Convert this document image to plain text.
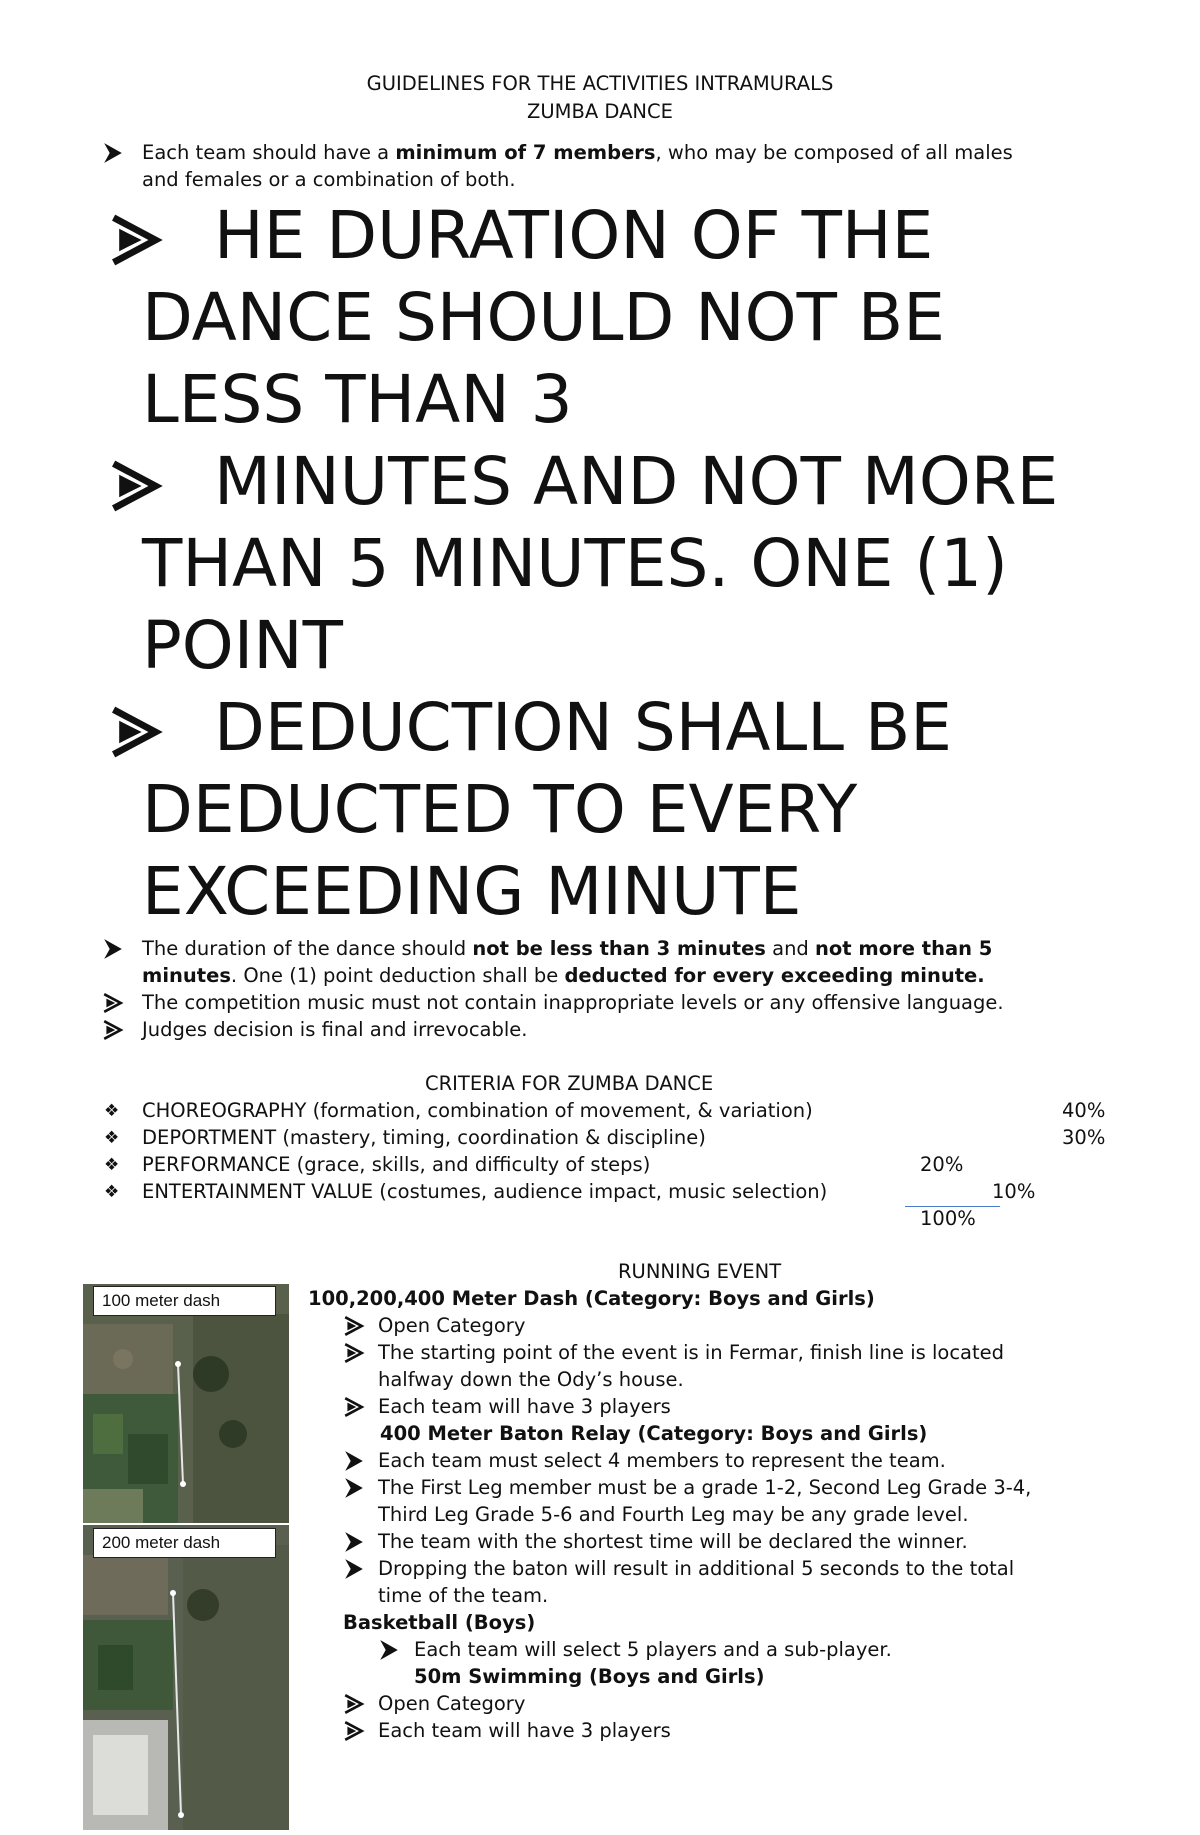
GUIDELINES FOR THE ACTIVITIES INTRAMURALS
ZUMBA DANCE
Each team should have a minimum of 7 members, who may be composed of all males
and females or a combination of both.
HE DURATION OF THE
DANCE SHOULD NOT BE
LESS THAN 3
MINUTES AND NOT MORE
THAN 5 MINUTES. ONE (1)
POINT
DEDUCTION SHALL BE
DEDUCTED TO EVERY
EXCEEDING MINUTE
The duration of the dance should not be less than 3 minutes and not more than 5
minutes. One (1) point deduction shall be deducted for every exceeding minute.
The competition music must not contain inappropriate levels or any offensive language.
Judges decision is final and irrevocable.
CRITERIA FOR ZUMBA DANCE
❖ CHOREOGRAPHY (formation, combination of movement, & variation)	40%
❖ DEPORTMENT (mastery, timing, coordination & discipline)	30%
❖ PERFORMANCE (grace, skills, and difficulty of steps)	20%
❖ ENTERTAINMENT VALUE (costumes, audience impact, music selection)	10%
100%
100 meter dash
200 meter dash
RUNNING EVENT
100,200,400 Meter Dash (Category: Boys and Girls)
Open Category
The starting point of the event is in Fermar, finish line is located
halfway down the Ody’s house.
Each team will have 3 players
400 Meter Baton Relay (Category: Boys and Girls)
Each team must select 4 members to represent the team.
The First Leg member must be a grade 1-2, Second Leg Grade 3-4,
Third Leg Grade 5-6 and Fourth Leg may be any grade level.
The team with the shortest time will be declared the winner.
Dropping the baton will result in additional 5 seconds to the total
time of the team.
Basketball (Boys)
Each team will select 5 players and a sub-player.
50m Swimming (Boys and Girls)
Open Category
Each team will have 3 players
